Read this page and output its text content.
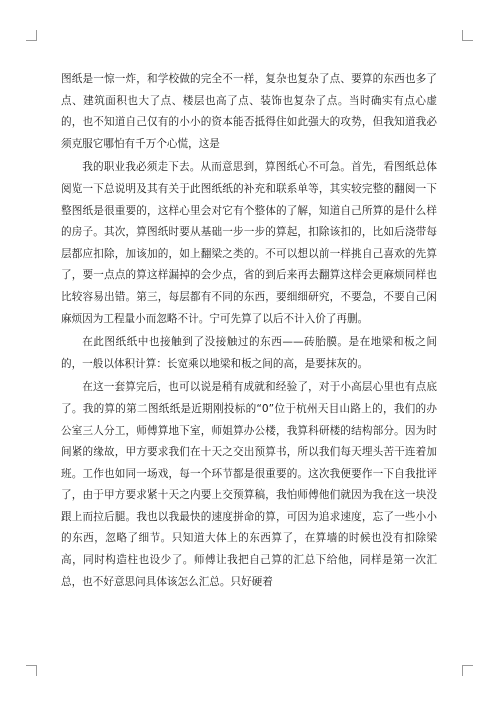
图纸是一惊一炸，和学校做的完全不一样，复杂也复杂了点、要算的东西也多了点、建筑面积也大了点、楼层也高了点、装饰也复杂了点。当时确实有点心虚的，也不知道自己仅有的小小的资本能否抵得住如此强大的攻势，但我知道我必须克服它哪怕有千万个心慌，这是

我的职业我必须走下去。从而意思到，算图纸心不可急。首先，看图纸总体阅览一下总说明及其有关于此图纸纸的补充和联系单等，其实较完整的翻阅一下整图纸是很重要的，这样心里会对它有个整体的了解，知道自己所算的是什么样的房子。其次，算图纸时要从基础一步一步的算起，扣除该扣的，比如后浇带每层都应扣除，加该加的，如上翻梁之类的。不可以想以前一样挑自己喜欢的先算了，要一点点的算这样漏掉的会少点，省的到后来再去翻算这样会更麻烦同样也比较容易出错。第三，每层都有不同的东西，要细细研究，不要急，不要自己闲麻烦因为工程量小而忽略不计。宁可先算了以后不计入价了再删。

在此图纸纸中也接触到了没接触过的东西——砖胎膜。是在地梁和板之间的，一般以体积计算：长宽乘以地梁和板之间的高，是要抹灰的。

在这一套算完后，也可以说是稍有成就和经验了，对于小高层心里也有点底了。我的算的第二图纸纸是近期刚投标的“0”位于杭州天目山路上的，我们的办公室三人分工，师傅算地下室，师姐算办公楼，我算科研楼的结构部分。因为时间紧的缘故，甲方要求我们在十天之交出预算书，所以我们每天埋头苦干连着加班。工作也如同一场戏，每一个环节都是很重要的。这次我便要作一下自我批评了，由于甲方要求紧十天之内要上交预算稿，我怕师傅他们就因为我在这一块没跟上而拉后腿。我也以我最快的速度拼命的算，可因为追求速度，忘了一些小小的东西，忽略了细节。只知道大体上的东西算了，在算墙的时候也没有扣除梁高，同时构造柱也设少了。师傅让我把自己算的汇总下给他，同样是第一次汇总，也不好意思问具体该怎么汇总。只好硬着
